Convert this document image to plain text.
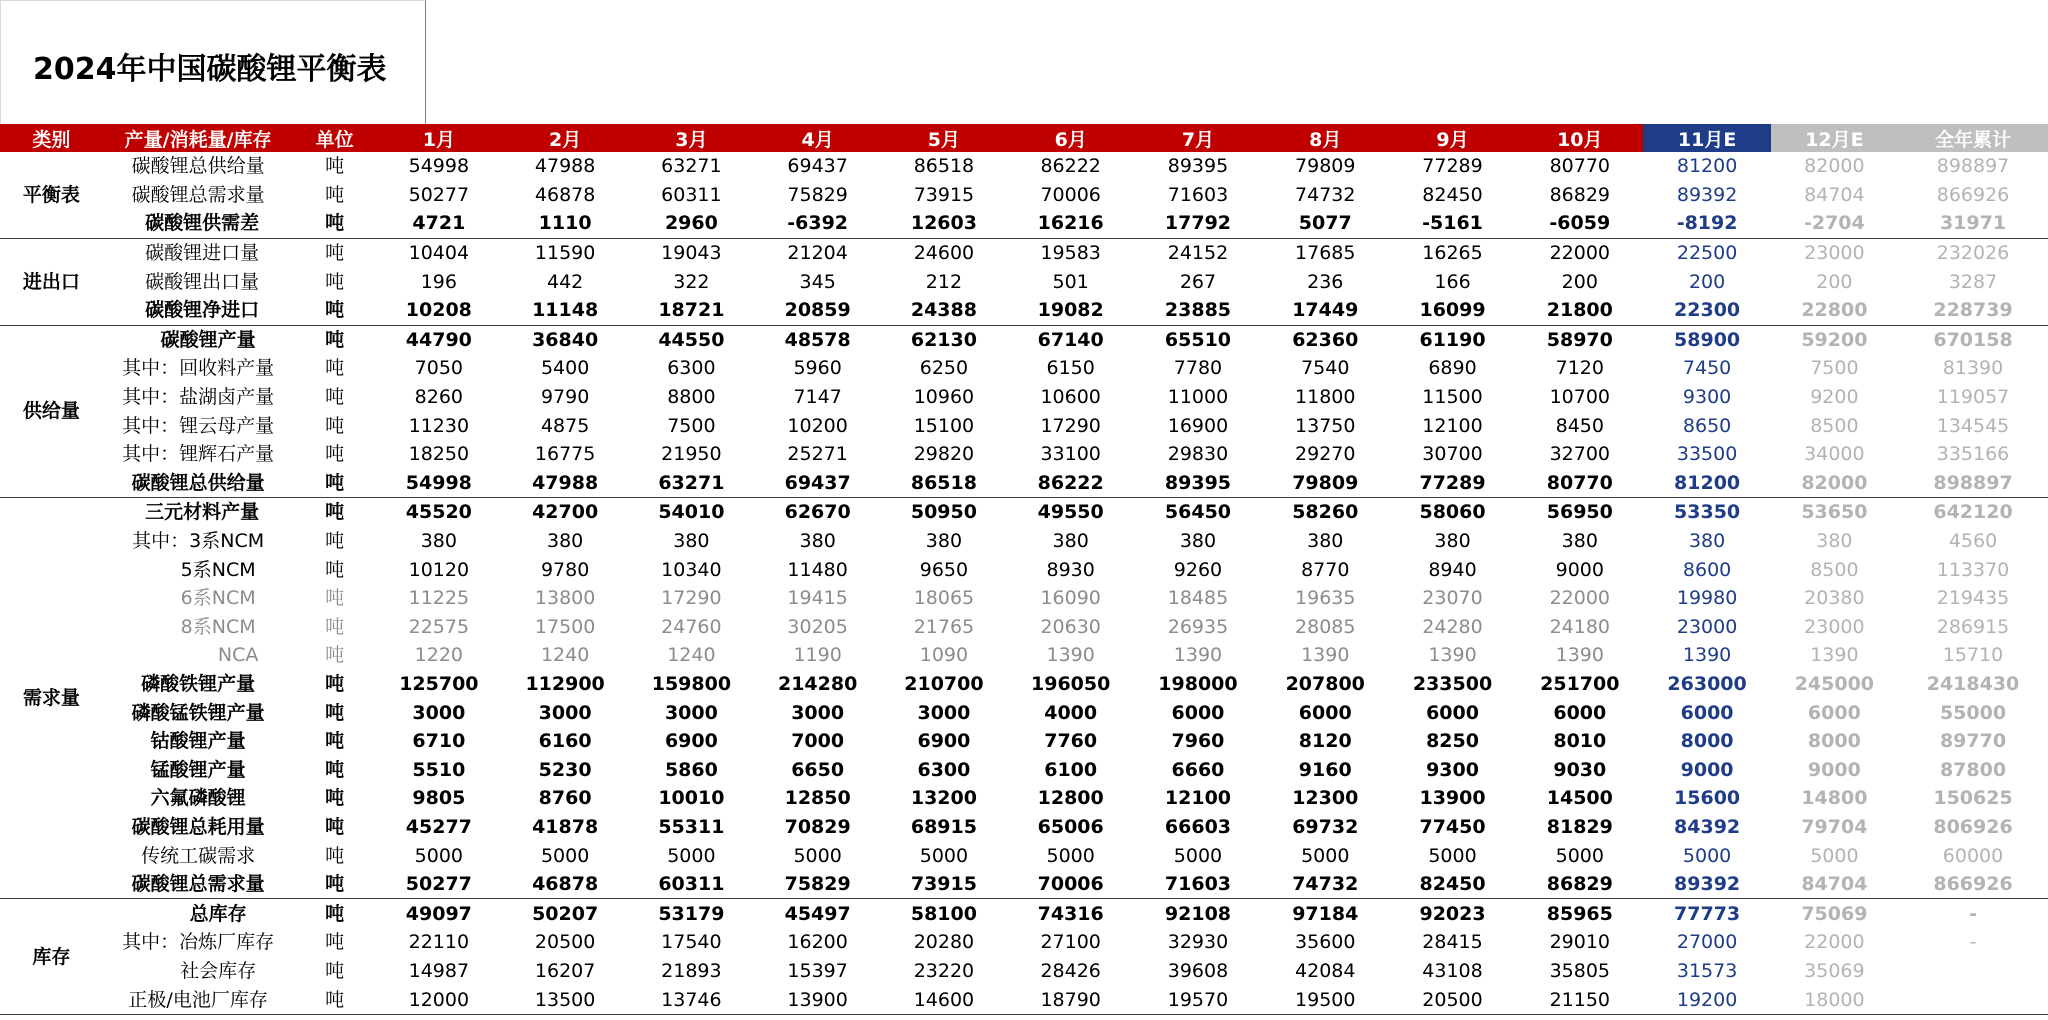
2024年中国碳酸锂平衡表
类别	产量/消耗量/库存	单位	1月	2月	3月	4月	5月	6月	7月	8月	9月	10月	11月E	12月E	全年累计
平衡表	碳酸锂总供给量	吨	54998	47988	63271	69437	86518	86222	89395	79809	77289	80770	81200	82000	898897
	碳酸锂总需求量	吨	50277	46878	60311	75829	73915	70006	71603	74732	82450	86829	89392	84704	866926
	碳酸锂供需差	吨	4721	1110	2960	-6392	12603	16216	17792	5077	-5161	-6059	-8192	-2704	31971
进出口	碳酸锂进口量	吨	10404	11590	19043	21204	24600	19583	24152	17685	16265	22000	22500	23000	232026
	碳酸锂出口量	吨	196	442	322	345	212	501	267	236	166	200	200	200	3287
	碳酸锂净进口	吨	10208	11148	18721	20859	24388	19082	23885	17449	16099	21800	22300	22800	228739
供给量	碳酸锂产量	吨	44790	36840	44550	48578	62130	67140	65510	62360	61190	58970	58900	59200	670158
	其中：回收料产量	吨	7050	5400	6300	5960	6250	6150	7780	7540	6890	7120	7450	7500	81390
	其中：盐湖卤产量	吨	8260	9790	8800	7147	10960	10600	11000	11800	11500	10700	9300	9200	119057
	其中：锂云母产量	吨	11230	4875	7500	10200	15100	17290	16900	13750	12100	8450	8650	8500	134545
	其中：锂辉石产量	吨	18250	16775	21950	25271	29820	33100	29830	29270	30700	32700	33500	34000	335166
	碳酸锂总供给量	吨	54998	47988	63271	69437	86518	86222	89395	79809	77289	80770	81200	82000	898897
需求量	三元材料产量	吨	45520	42700	54010	62670	50950	49550	56450	58260	58060	56950	53350	53650	642120
	其中：3系NCM	吨	380	380	380	380	380	380	380	380	380	380	380	380	4560
	5系NCM	吨	10120	9780	10340	11480	9650	8930	9260	8770	8940	9000	8600	8500	113370
	6系NCM	吨	11225	13800	17290	19415	18065	16090	18485	19635	23070	22000	19980	20380	219435
	8系NCM	吨	22575	17500	24760	30205	21765	20630	26935	28085	24280	24180	23000	23000	286915
	NCA	吨	1220	1240	1240	1190	1090	1390	1390	1390	1390	1390	1390	1390	15710
	磷酸铁锂产量	吨	125700	112900	159800	214280	210700	196050	198000	207800	233500	251700	263000	245000	2418430
	磷酸锰铁锂产量	吨	3000	3000	3000	3000	3000	4000	6000	6000	6000	6000	6000	6000	55000
	钴酸锂产量	吨	6710	6160	6900	7000	6900	7760	7960	8120	8250	8010	8000	8000	89770
	锰酸锂产量	吨	5510	5230	5860	6650	6300	6100	6660	9160	9300	9030	9000	9000	87800
	六氟磷酸锂	吨	9805	8760	10010	12850	13200	12800	12100	12300	13900	14500	15600	14800	150625
	碳酸锂总耗用量	吨	45277	41878	55311	70829	68915	65006	66603	69732	77450	81829	84392	79704	806926
	传统工碳需求	吨	5000	5000	5000	5000	5000	5000	5000	5000	5000	5000	5000	5000	60000
	碳酸锂总需求量	吨	50277	46878	60311	75829	73915	70006	71603	74732	82450	86829	89392	84704	866926
库存	总库存	吨	49097	50207	53179	45497	58100	74316	92108	97184	92023	85965	77773	75069	-
	其中：冶炼厂库存	吨	22110	20500	17540	16200	20280	27100	32930	35600	28415	29010	27000	22000	-
	社会库存	吨	14987	16207	21893	15397	23220	28426	39608	42084	43108	35805	31573	35069	
	正极/电池厂库存	吨	12000	13500	13746	13900	14600	18790	19570	19500	20500	21150	19200	18000	
